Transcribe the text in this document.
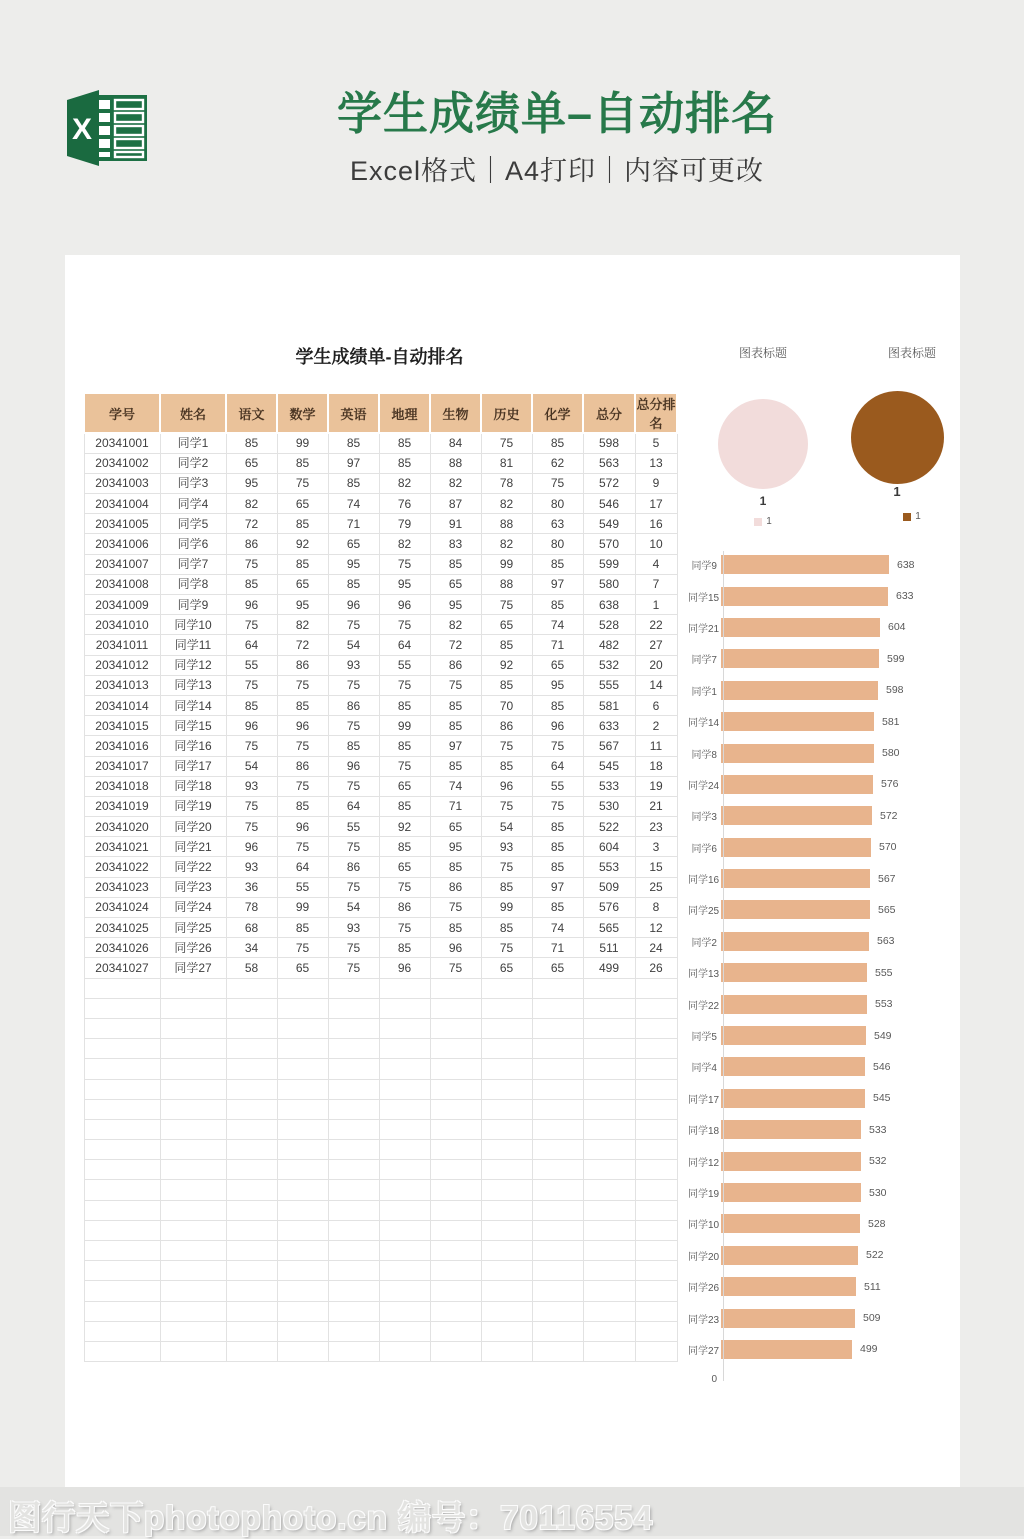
X	学生成绩单–自动排名
Excel格式｜A4打印｜内容可更改
学生成绩单-自动排名
学号	姓名	语文	数学	英语	地理	生物	历史	化学	总分	总分排名
20341001	同学1	85	99	85	85	84	75	85	598	5
20341002	同学2	65	85	97	85	88	81	62	563	13
20341003	同学3	95	75	85	82	82	78	75	572	9
20341004	同学4	82	65	74	76	87	82	80	546	17
20341005	同学5	72	85	71	79	91	88	63	549	16
20341006	同学6	86	92	65	82	83	82	80	570	10
20341007	同学7	75	85	95	75	85	99	85	599	4
20341008	同学8	85	65	85	95	65	88	97	580	7
20341009	同学9	96	95	96	96	95	75	85	638	1
20341010	同学10	75	82	75	75	82	65	74	528	22
20341011	同学11	64	72	54	64	72	85	71	482	27
20341012	同学12	55	86	93	55	86	92	65	532	20
20341013	同学13	75	75	75	75	75	85	95	555	14
20341014	同学14	85	85	86	85	85	70	85	581	6
20341015	同学15	96	96	75	99	85	86	96	633	2
20341016	同学16	75	75	85	85	97	75	75	567	11
20341017	同学17	54	86	96	75	85	85	64	545	18
20341018	同学18	93	75	75	65	74	96	55	533	19
20341019	同学19	75	85	64	85	71	75	75	530	21
20341020	同学20	75	96	55	92	65	54	85	522	23
20341021	同学21	96	75	75	85	95	93	85	604	3
20341022	同学22	93	64	86	65	85	75	85	553	15
20341023	同学23	36	55	75	75	86	85	97	509	25
20341024	同学24	78	99	54	86	75	99	85	576	8
20341025	同学25	68	85	93	75	85	85	74	565	12
20341026	同学26	34	75	75	85	96	75	71	511	24
20341027	同学27	58	65	75	96	75	65	65	499	26

图表标题
1
1
图表标题
1
1
同学9	638
同学15	633
同学21	604
同学7	599
同学1	598
同学14	581
同学8	580
同学24	576
同学3	572
同学6	570
同学16	567
同学25	565
同学2	563
同学13	555
同学22	553
同学5	549
同学4	546
同学17	545
同学18	533
同学12	532
同学19	530
同学10	528
同学20	522
同学26	511
同学23	509
同学27	499
0
图行天下photophoto.cn 编号：70116554
